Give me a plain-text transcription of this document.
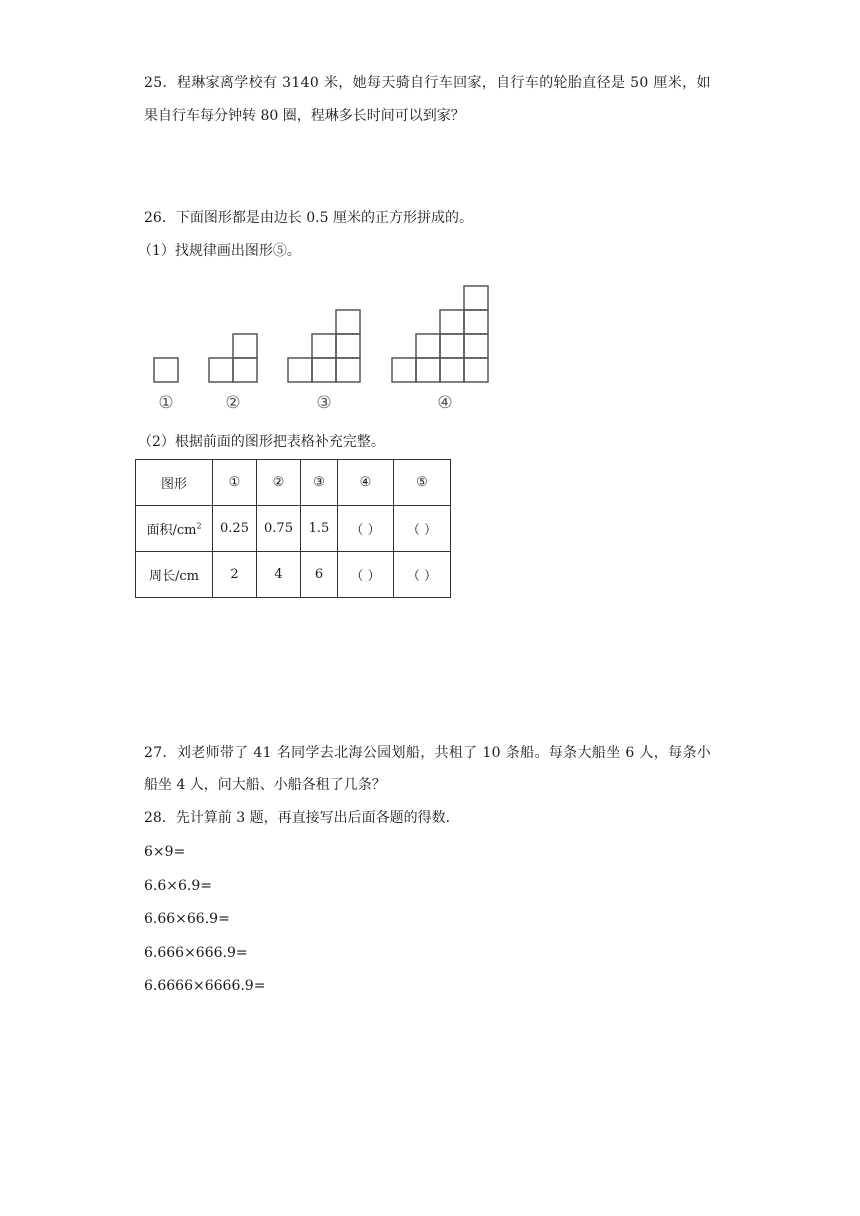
25．程琳家离学校有 3140 米，她每天骑自行车回家，自行车的轮胎直径是 50 厘米，如
果自行车每分钟转 80 圈，程琳多长时间可以到家？
26．下面图形都是由边长 0.5 厘米的正方形拼成的。
（1）找规律画出图形⑤。
①	②	③	④
（2）根据前面的图形把表格补充完整。
图形	①	②	③	④	⑤
面积$/cm^2$	0.25	0.75	1.5	（ ）	（ ）
周长/cm	2	4	6	（ ）	（ ）
27．刘老师带了 41 名同学去北海公园划船，共租了 10 条船。每条大船坐 6 人，每条小
船坐 4 人，问大船、小船各租了几条？
28．先计算前 3 题，再直接写出后面各题的得数．
6×9=
6.6×6.9=
6.66×66.9=
6.666×666.9=
6.6666×6666.9=
